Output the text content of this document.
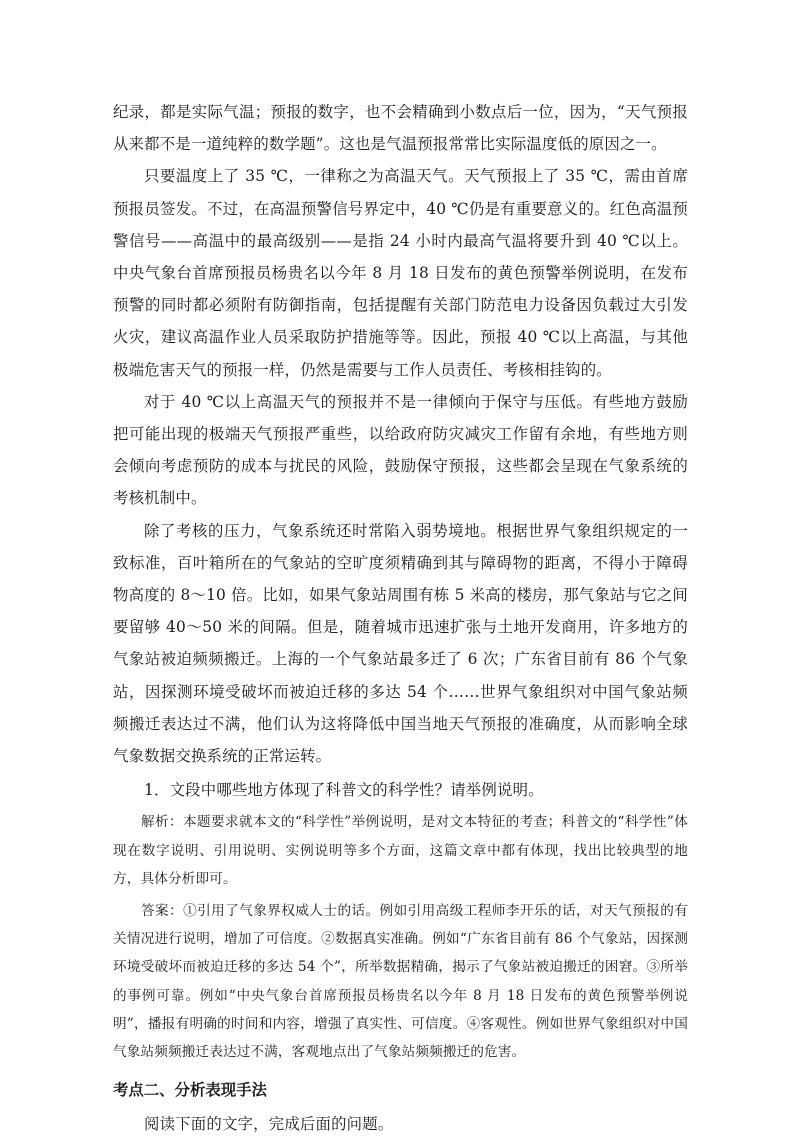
纪录，都是实际气温；预报的数字，也不会精确到小数点后一位，因为，“天气预报从来都不是一道纯粹的数学题”。这也是气温预报常常比实际温度低的原因之一。

只要温度上了 35 ℃，一律称之为高温天气。天气预报上了 35 ℃，需由首席预报员签发。不过，在高温预警信号界定中，40 ℃仍是有重要意义的。红色高温预警信号——高温中的最高级别——是指 24 小时内最高气温将要升到 40 ℃以上。中央气象台首席预报员杨贵名以今年 8 月 18 日发布的黄色预警举例说明，在发布预警的同时都必须附有防御指南，包括提醒有关部门防范电力设备因负载过大引发火灾，建议高温作业人员采取防护措施等等。因此，预报 40 ℃以上高温，与其他极端危害天气的预报一样，仍然是需要与工作人员责任、考核相挂钩的。

对于 40 ℃以上高温天气的预报并不是一律倾向于保守与压低。有些地方鼓励把可能出现的极端天气预报严重些，以给政府防灾减灾工作留有余地，有些地方则会倾向考虑预防的成本与扰民的风险，鼓励保守预报，这些都会呈现在气象系统的考核机制中。

除了考核的压力，气象系统还时常陷入弱势境地。根据世界气象组织规定的一致标准，百叶箱所在的气象站的空旷度须精确到其与障碍物的距离，不得小于障碍物高度的 8～10 倍。比如，如果气象站周围有栋 5 米高的楼房，那气象站与它之间要留够 40～50 米的间隔。但是，随着城市迅速扩张与土地开发商用，许多地方的气象站被迫频频搬迁。上海的一个气象站最多迁了 6 次；广东省目前有 86 个气象站，因探测环境受破坏而被迫迁移的多达 54 个……世界气象组织对中国气象站频频搬迁表达过不满，他们认为这将降低中国当地天气预报的准确度，从而影响全球气象数据交换系统的正常运转。

1．文段中哪些地方体现了科普文的科学性？请举例说明。

解析：本题要求就本文的“科学性”举例说明，是对文本特征的考查；科普文的“科学性”体现在数字说明、引用说明、实例说明等多个方面，这篇文章中都有体现，找出比较典型的地方，具体分析即可。

答案：①引用了气象界权威人士的话。例如引用高级工程师李开乐的话，对天气预报的有关情况进行说明，增加了可信度。②数据真实准确。例如“广东省目前有 86 个气象站，因探测环境受破坏而被迫迁移的多达 54 个”，所举数据精确，揭示了气象站被迫搬迁的困窘。③所举的事例可靠。例如“中央气象台首席预报员杨贵名以今年 8 月 18 日发布的黄色预警举例说明”，播报有明确的时间和内容，增强了真实性、可信度。④客观性。例如世界气象组织对中国气象站频频搬迁表达过不满，客观地点出了气象站频频搬迁的危害。

考点二、分析表现手法

阅读下面的文字，完成后面的问题。
